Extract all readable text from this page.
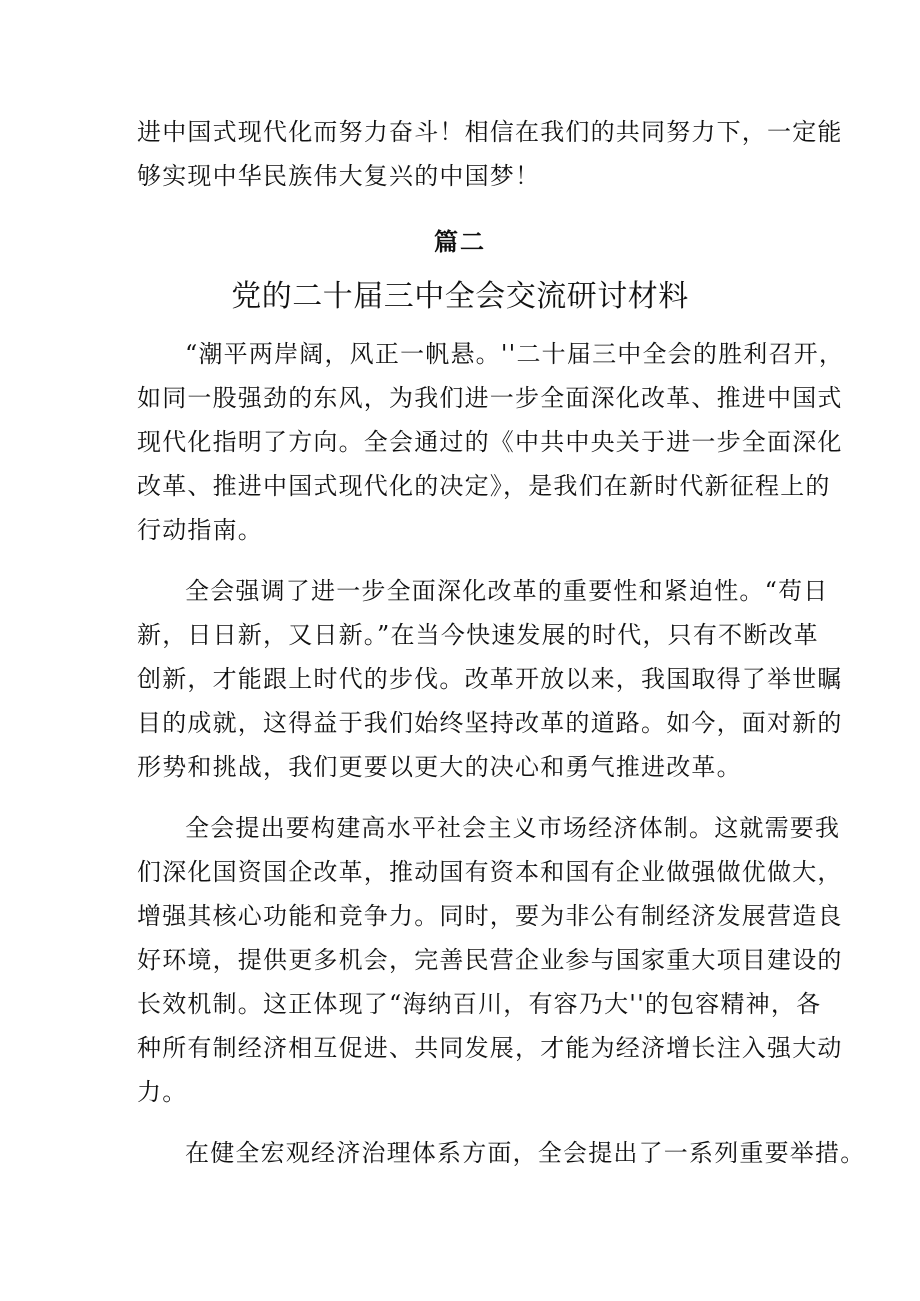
进中国式现代化而努力奋斗！相信在我们的共同努力下，一定能

够实现中华民族伟大复兴的中国梦！

篇二
党的二十届三中全会交流研讨材料

“潮平两岸阔，风正一帆悬。''二十届三中全会的胜利召开，

如同一股强劲的东风，为我们进一步全面深化改革、推进中国式

现代化指明了方向。全会通过的《中共中央关于进一步全面深化

改革、推进中国式现代化的决定》，是我们在新时代新征程上的

行动指南。

全会强调了进一步全面深化改革的重要性和紧迫性。“苟日

新，日日新，又日新。”在当今快速发展的时代，只有不断改革

创新，才能跟上时代的步伐。改革开放以来，我国取得了举世瞩

目的成就，这得益于我们始终坚持改革的道路。如今，面对新的

形势和挑战，我们更要以更大的决心和勇气推进改革。

全会提出要构建高水平社会主义市场经济体制。这就需要我

们深化国资国企改革，推动国有资本和国有企业做强做优做大，

增强其核心功能和竞争力。同时，要为非公有制经济发展营造良

好环境，提供更多机会，完善民营企业参与国家重大项目建设的

长效机制。这正体现了“海纳百川，有容乃大''的包容精神，各

种所有制经济相互促进、共同发展，才能为经济增长注入强大动

力。

在健全宏观经济治理体系方面，全会提出了一系列重要举措。
